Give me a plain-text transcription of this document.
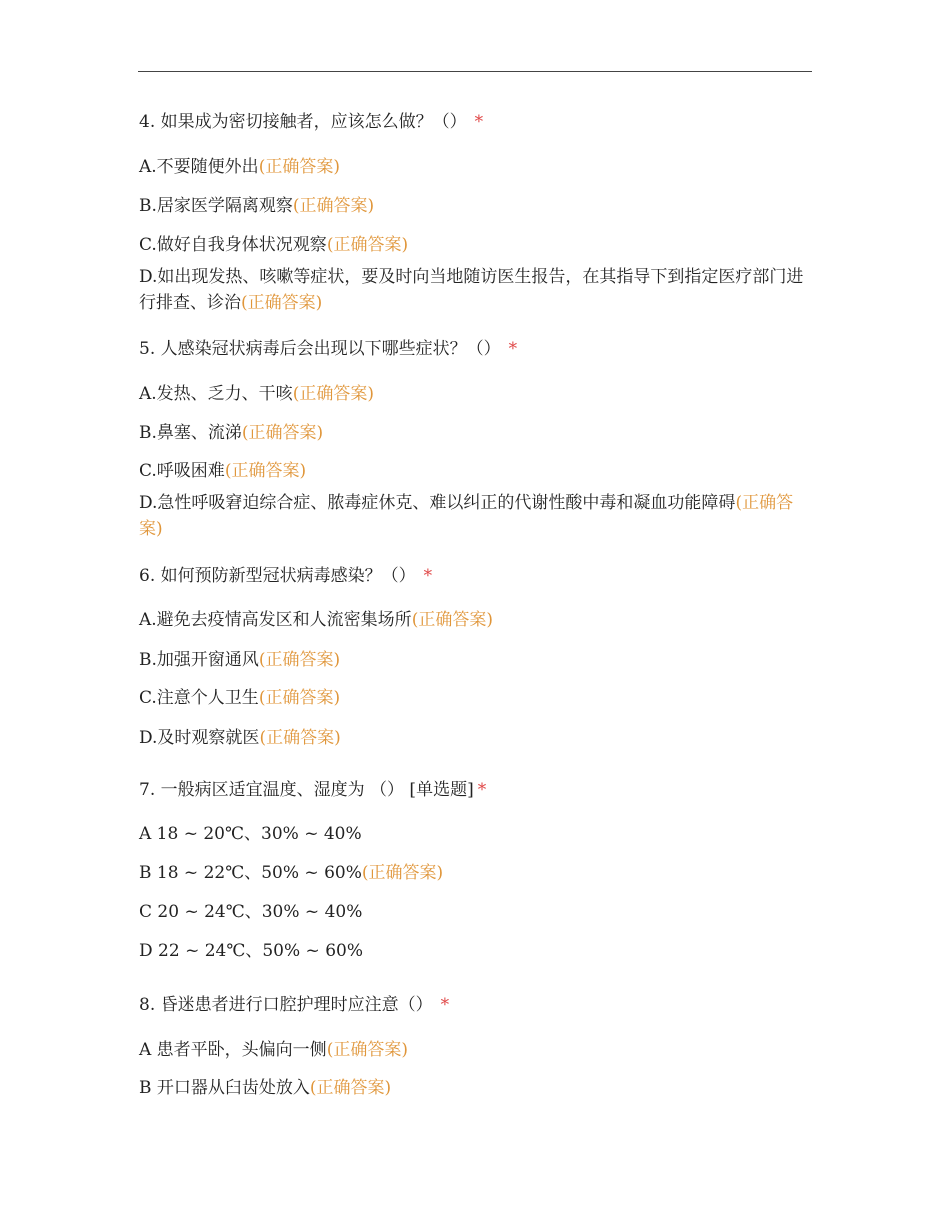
4. 如果成为密切接触者，应该怎么做？（） *
A.不要随便外出(正确答案)
B.居家医学隔离观察(正确答案)
C.做好自我身体状况观察(正确答案)
D.如出现发热、咳嗽等症状，要及时向当地随访医生报告，在其指导下到指定医疗部门进行排查、诊治(正确答案)
5. 人感染冠状病毒后会出现以下哪些症状？（） *
A.发热、乏力、干咳(正确答案)
B.鼻塞、流涕(正确答案)
C.呼吸困难(正确答案)
D.急性呼吸窘迫综合症、脓毒症休克、难以纠正的代谢性酸中毒和凝血功能障碍(正确答案)
6. 如何预防新型冠状病毒感染？（） *
A.避免去疫情高发区和人流密集场所(正确答案)
B.加强开窗通风(正确答案)
C.注意个人卫生(正确答案)
D.及时观察就医(正确答案)
7. 一般病区适宜温度、湿度为 （） [单选题] *
A 18 ~ 20℃、30% ~ 40%
B 18 ~ 22℃、50% ~ 60%(正确答案)
C 20 ~ 24℃、30% ~ 40%
D 22 ~ 24℃、50% ~ 60%
8. 昏迷患者进行口腔护理时应注意（） *
A 患者平卧，头偏向一侧(正确答案)
B 开口器从臼齿处放入(正确答案)
